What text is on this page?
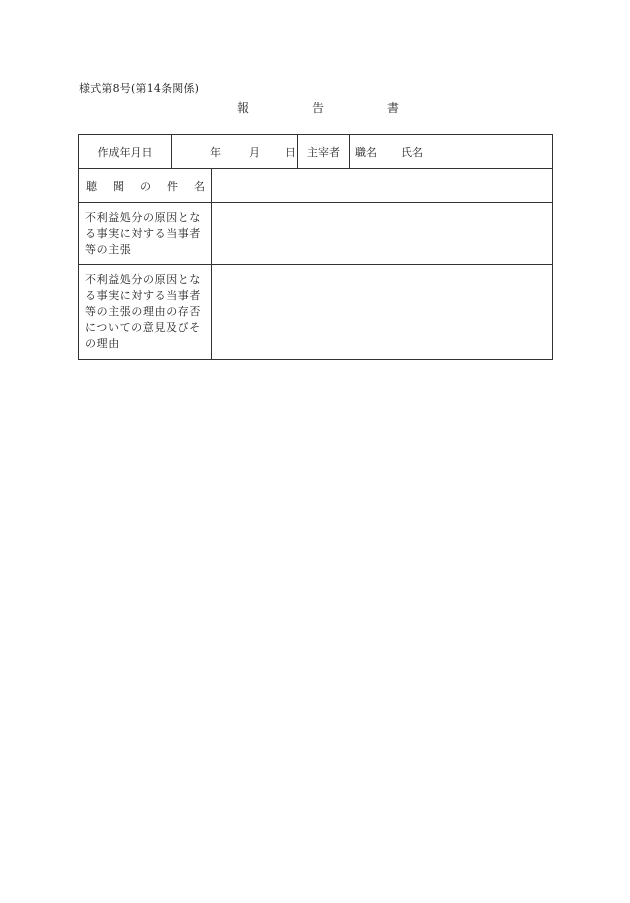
様式第8号(第14条関係)
報	告	書
作成年月日	年 月 日		主宰者	職名 氏名

聴 聞 の 件 名				

不利益処分の原因とな
る事実に対する当事者
等の主張				

不利益処分の原因とな
る事実に対する当事者
等の主張の理由の存否
についての意見及びそ
の理由				
